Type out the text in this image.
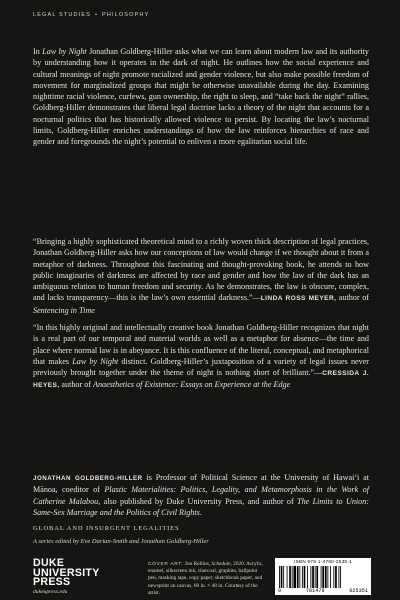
LEGAL STUDIES • PHILOSOPHY
In Law by Night Jonathan Goldberg-Hiller asks what we can learn about modern law and its authority by understanding how it operates in the dark of night. He outlines how the social experience and cultural meanings of night promote racialized and gender violence, but also make possible freedom of movement for marginalized groups that might be otherwise unavailable during the day. Examining nighttime racial violence, curfews, gun ownership, the right to sleep, and “take back the night” rallies, Goldberg-Hiller demonstrates that liberal legal doctrine lacks a theory of the night that accounts for a nocturnal politics that has historically allowed violence to persist. By locating the law’s nocturnal limits, Goldberg-Hiller enriches understandings of how the law reinforces hierarchies of race and gender and foregrounds the night’s potential to enliven a more egalitarian social life.
“Bringing a highly sophisticated theoretical mind to a richly woven thick description of legal practices, Jonathan Goldberg-Hiller asks how our conceptions of law would change if we thought about it from a metaphor of darkness. Throughout this fascinating and thought-provoking book, he attends to how public imaginaries of darkness are affected by race and gender and how the law of the dark has an ambiguous relation to human freedom and security. As he demonstrates, the law is obscure, complex, and lacks transparency—this is the law’s own essential darkness.”—LINDA ROSS MEYER, author of Sentencing in Time
“In this highly original and intellectually creative book Jonathan Goldberg-Hiller recognizes that night is a real part of our temporal and material worlds as well as a metaphor for absence—the time and place where normal law is in abeyance. It is this confluence of the literal, conceptual, and metaphorical that makes Law by Night distinct. Goldberg-Hiller’s juxtaposition of a variety of legal issues never previously brought together under the theme of night is nothing short of brilliant.”—CRESSIDA J. HEYES, author of Anaesthetics of Existence: Essays on Experience at the Edge
JONATHAN GOLDBERG-HILLER is Professor of Political Science at the University of Hawai‘i at Mānoa, coeditor of Plastic Materialities: Politics, Legality, and Metamorphosis in the Work of Catherine Malabou, also published by Duke University Press, and author of The Limits to Union: Same-Sex Marriage and the Politics of Civil Rights.
GLOBAL AND INSURGENT LEGALITIES
A series edited by Eve Darian-Smith and Jonathan Goldberg-Hiller
DUKE
UNIVERSITY
PRESS
dukeupress.edu
COVER ART: Jon Rollins, Schedule, 2020. Acrylic, enamel, silkscreen ink, charcoal, graphite, ballpoint pen, masking tape, copy paper, sketchbook paper, and newsprint on canvas, 60 in. × 48 in. Courtesy of the artist.
ISBN 978-1-4780-2535-1
9	781478	025351
